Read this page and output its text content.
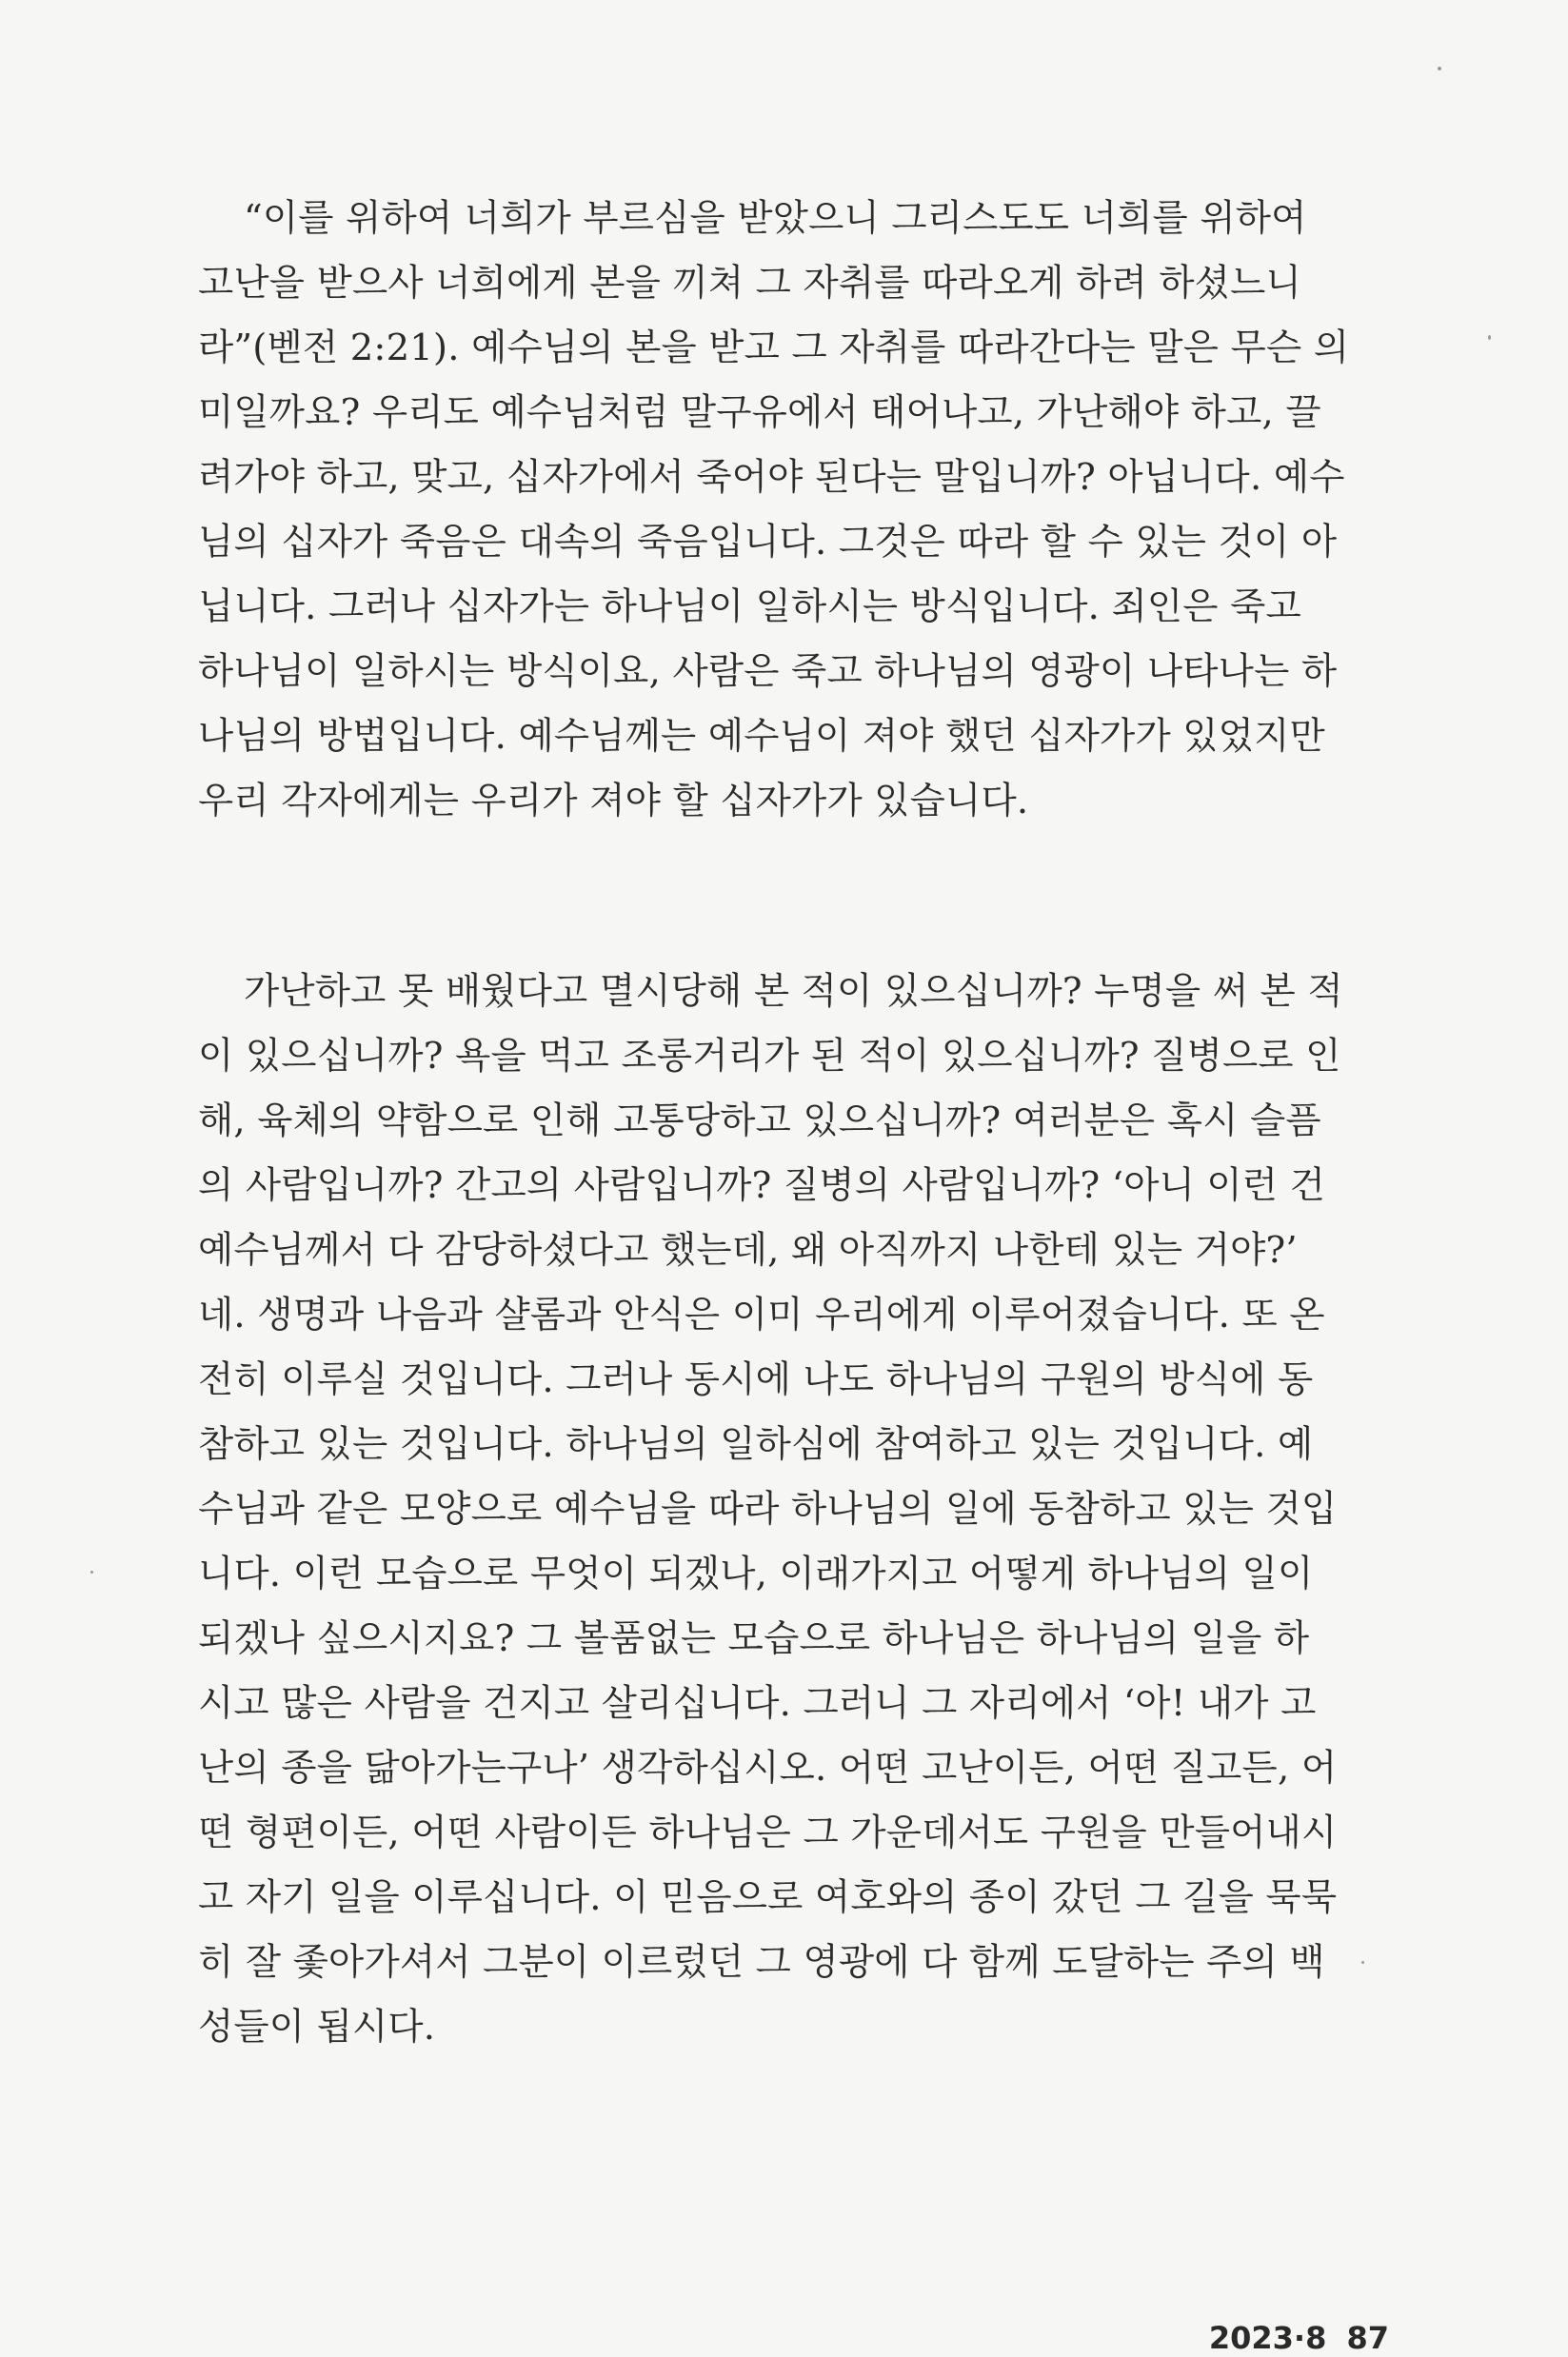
“이를 위하여 너희가 부르심을 받았으니 그리스도도 너희를 위하여
고난을 받으사 너희에게 본을 끼쳐 그 자취를 따라오게 하려 하셨느니
라”(벧전 2:21). 예수님의 본을 받고 그 자취를 따라간다는 말은 무슨 의
미일까요? 우리도 예수님처럼 말구유에서 태어나고, 가난해야 하고, 끌
려가야 하고, 맞고, 십자가에서 죽어야 된다는 말입니까? 아닙니다. 예수
님의 십자가 죽음은 대속의 죽음입니다. 그것은 따라 할 수 있는 것이 아
닙니다. 그러나 십자가는 하나님이 일하시는 방식입니다. 죄인은 죽고
하나님이 일하시는 방식이요, 사람은 죽고 하나님의 영광이 나타나는 하
나님의 방법입니다. 예수님께는 예수님이 져야 했던 십자가가 있었지만
우리 각자에게는 우리가 져야 할 십자가가 있습니다.
가난하고 못 배웠다고 멸시당해 본 적이 있으십니까? 누명을 써 본 적
이 있으십니까? 욕을 먹고 조롱거리가 된 적이 있으십니까? 질병으로 인
해, 육체의 약함으로 인해 고통당하고 있으십니까? 여러분은 혹시 슬픔
의 사람입니까? 간고의 사람입니까? 질병의 사람입니까? ‘아니 이런 건
예수님께서 다 감당하셨다고 했는데, 왜 아직까지 나한테 있는 거야?’
네. 생명과 나음과 샬롬과 안식은 이미 우리에게 이루어졌습니다. 또 온
전히 이루실 것입니다. 그러나 동시에 나도 하나님의 구원의 방식에 동
참하고 있는 것입니다. 하나님의 일하심에 참여하고 있는 것입니다. 예
수님과 같은 모양으로 예수님을 따라 하나님의 일에 동참하고 있는 것입
니다. 이런 모습으로 무엇이 되겠나, 이래가지고 어떻게 하나님의 일이
되겠나 싶으시지요? 그 볼품없는 모습으로 하나님은 하나님의 일을 하
시고 많은 사람을 건지고 살리십니다. 그러니 그 자리에서 ‘아! 내가 고
난의 종을 닮아가는구나’ 생각하십시오. 어떤 고난이든, 어떤 질고든, 어
떤 형편이든, 어떤 사람이든 하나님은 그 가운데서도 구원을 만들어내시
고 자기 일을 이루십니다. 이 믿음으로 여호와의 종이 갔던 그 길을 묵묵
히 잘 좇아가셔서 그분이 이르렀던 그 영광에 다 함께 도달하는 주의 백
성들이 됩시다.
2023·8 87
